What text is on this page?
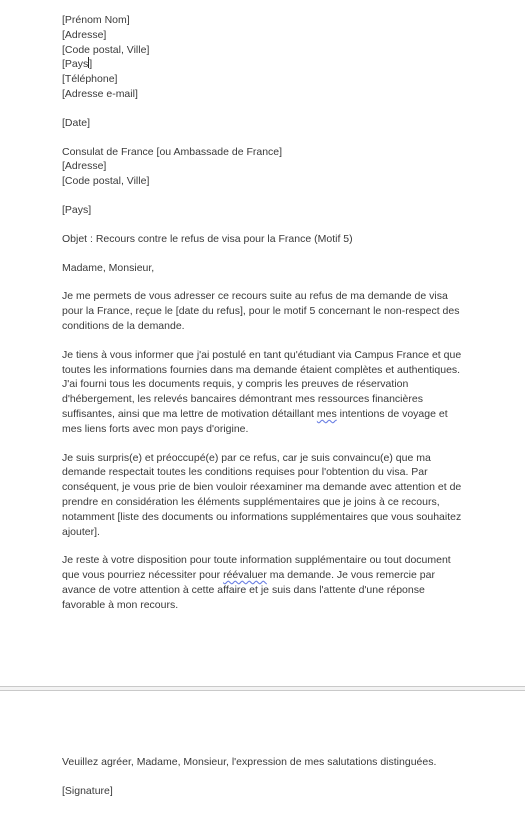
[Prénom Nom]
[Adresse]
[Code postal, Ville]
[Pays]
[Téléphone]
[Adresse e-mail]
[Date]
Consulat de France [ou Ambassade de France]
[Adresse]
[Code postal, Ville]
[Pays]
Objet : Recours contre le refus de visa pour la France (Motif 5)
Madame, Monsieur,

Je me permets de vous adresser ce recours suite au refus de ma demande de visa pour la France, reçue le [date du refus], pour le motif 5 concernant le non-respect des conditions de la demande.

Je tiens à vous informer que j'ai postulé en tant qu'étudiant via Campus France et que toutes les informations fournies dans ma demande étaient complètes et authentiques. J'ai fourni tous les documents requis, y compris les preuves de réservation d'hébergement, les relevés bancaires démontrant mes ressources financières suffisantes, ainsi que ma lettre de motivation détaillant mes intentions de voyage et mes liens forts avec mon pays d'origine.

Je suis surpris(e) et préoccupé(e) par ce refus, car je suis convaincu(e) que ma demande respectait toutes les conditions requises pour l'obtention du visa. Par conséquent, je vous prie de bien vouloir réexaminer ma demande avec attention et de prendre en considération les éléments supplémentaires que je joins à ce recours, notamment [liste des documents ou informations supplémentaires que vous souhaitez ajouter].

Je reste à votre disposition pour toute information supplémentaire ou tout document que vous pourriez nécessiter pour réévaluer ma demande. Je vous remercie par avance de votre attention à cette affaire et je suis dans l'attente d'une réponse favorable à mon recours.

Veuillez agréer, Madame, Monsieur, l'expression de mes salutations distinguées.
[Signature]
